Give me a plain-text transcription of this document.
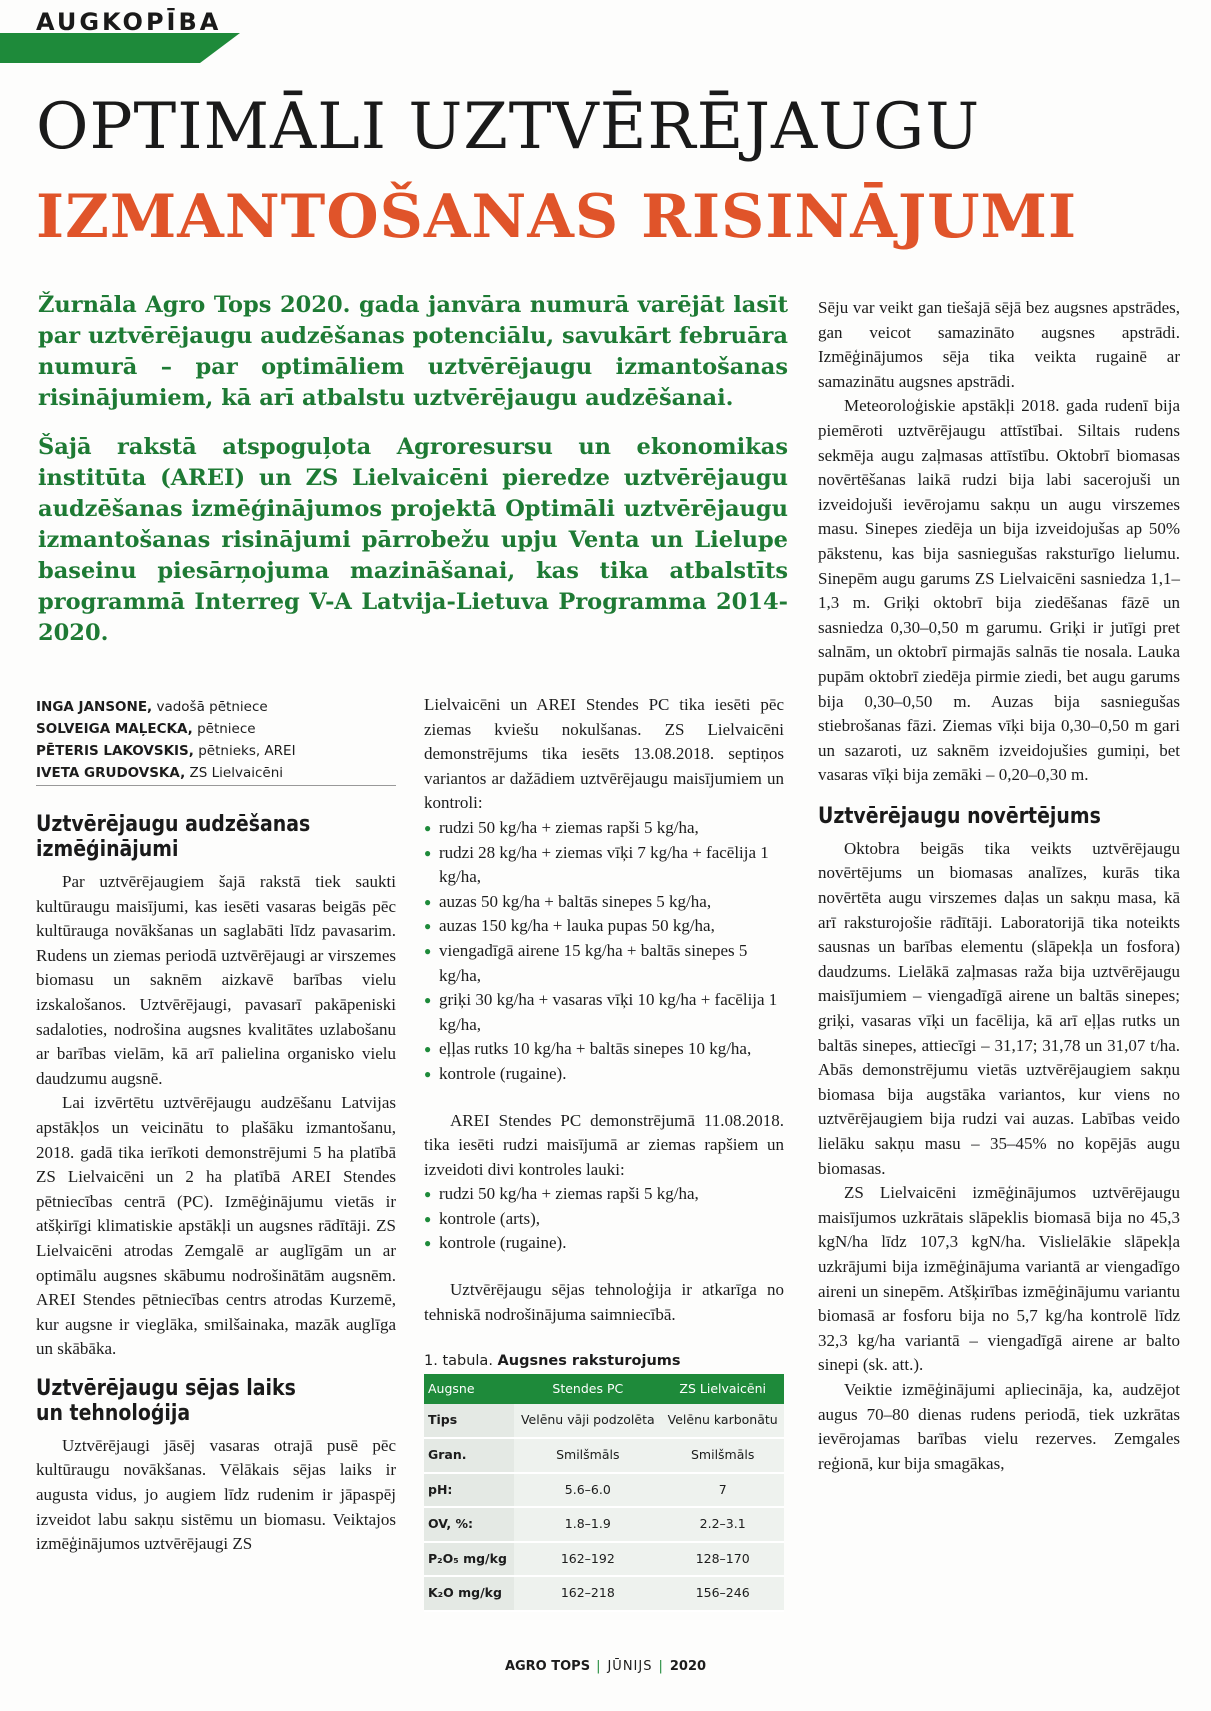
AUGKOPĪBA
OPTIMĀLI UZTVĒRĒJAUGU
IZMANTOŠANAS RISINĀJUMI

Žurnāla Agro Tops 2020. gada janvāra numurā varējāt lasīt par uztvērējaugu audzēšanas potenciālu, savukārt februāra numurā – par optimāliem uztvērējaugu izmantošanas risinājumiem, kā arī atbalstu uztvērējaugu audzēšanai.

Šajā rakstā atspoguļota Agroresursu un ekonomikas institūta (AREI) un ZS Lielvaicēni pieredze uztvērējaugu audzēšanas izmēģinājumos projektā Optimāli uztvērējaugu izmantošanas risinājumi pārrobežu upju Venta un Lielupe baseinu piesārņojuma mazināšanai, kas tika atbalstīts programmā Interreg V-A Latvija-Lietuva Programma 2014-2020.

INGA JANSONE, vadošā pētniece
SOLVEIGA MAĻECKA, pētniece
PĒTERIS LAKOVSKIS, pētnieks, AREI
IVETA GRUDOVSKA, ZS Lielvaicēni
Uztvērējaugu audzēšanas
izmēģinājumi

Par uztvērējaugiem šajā rakstā tiek saukti kultūraugu maisījumi, kas iesēti vasaras beigās pēc kultūrauga novākšanas un saglabāti līdz pavasarim. Rudens un ziemas periodā uztvērējaugi ar virszemes biomasu un saknēm aizkavē barības vielu izskalošanos. Uztvērējaugi, pavasarī pakāpeniski sadaloties, nodrošina augsnes kvalitātes uzlabošanu ar barības vielām, kā arī palielina organisko vielu daudzumu augsnē.

Lai izvērtētu uztvērējaugu audzēšanu Latvijas apstākļos un veicinātu to plašāku izmantošanu, 2018. gadā tika ierīkoti demonstrējumi 5 ha platībā ZS Lielvaicēni un 2 ha platībā AREI Stendes pētniecības centrā (PC). Izmēģinājumu vietās ir atšķirīgi klimatiskie apstākļi un augsnes rādītāji. ZS Lielvaicēni atrodas Zemgalē ar auglīgām un ar optimālu augsnes skābumu nodrošinātām augsnēm. AREI Stendes pētniecības centrs atrodas Kurzemē, kur augsne ir vieglāka, smilšainaka, mazāk auglīga un skābāka.

Uztvērējaugu sējas laiks
un tehnoloģija

Uztvērējaugi jāsēj vasaras otrajā pusē pēc kultūraugu novākšanas. Vēlākais sējas laiks ir augusta vidus, jo augiem līdz rudenim ir jāpaspēj izveidot labu sakņu sistēmu un biomasu. Veiktajos izmēģinājumos uztvērējaugi ZS

Lielvaicēni un AREI Stendes PC tika iesēti pēc ziemas kviešu nokulšanas. ZS Lielvaicēni demonstrējums tika iesēts 13.08.2018. septiņos variantos ar dažādiem uztvērējaugu maisījumiem un kontroli:

● rudzi 50 kg/ha + ziemas rapši 5 kg/ha,
● rudzi 28 kg/ha + ziemas vīķi 7 kg/ha + facēlija 1 kg/ha,
● auzas 50 kg/ha + baltās sinepes 5 kg/ha,
● auzas 150 kg/ha + lauka pupas 50 kg/ha,
● viengadīgā airene 15 kg/ha + baltās sinepes 5 kg/ha,
● griķi 30 kg/ha + vasaras vīķi 10 kg/ha + facēlija 1 kg/ha,
● eļļas rutks 10 kg/ha + baltās sinepes 10 kg/ha,
● kontrole (rugaine).

AREI Stendes PC demonstrējumā 11.08.2018. tika iesēti rudzi maisījumā ar ziemas rapšiem un izveidoti divi kontroles lauki:

● rudzi 50 kg/ha + ziemas rapši 5 kg/ha,
● kontrole (arts),
● kontrole (rugaine).

Uztvērējaugu sējas tehnoloģija ir atkarīga no tehniskā nodrošinājuma saimniecībā.

1. tabula. Augsnes raksturojums

Augsne	Stendes PC	ZS Lielvaicēni
Tips	Velēnu vāji podzolēta	Velēnu karbonātu
Gran.	Smilšmāls	Smilšmāls
pH:	5.6–6.0	7
OV, %:	1.8–1.9	2.2–3.1
P₂O₅ mg/kg	162–192	128–170
K₂O mg/kg	162–218	156–246

Sēju var veikt gan tiešajā sējā bez augsnes apstrādes, gan veicot samazināto augsnes apstrādi. Izmēģinājumos sēja tika veikta rugainē ar samazinātu augsnes apstrādi.

Meteoroloģiskie apstākļi 2018. gada rudenī bija piemēroti uztvērējaugu attīstībai. Siltais rudens sekmēja augu zaļmasas attīstību. Oktobrī biomasas novērtēšanas laikā rudzi bija labi sacerojuši un izveidojuši ievērojamu sakņu un augu virszemes masu. Sinepes ziedēja un bija izveidojušas ap 50% pākstenu, kas bija sasniegušas raksturīgo lielumu. Sinepēm augu garums ZS Lielvaicēni sasniedza 1,1–1,3 m. Griķi oktobrī bija ziedēšanas fāzē un sasniedza 0,30–0,50 m garumu. Griķi ir jutīgi pret salnām, un oktobrī pirmajās salnās tie nosala. Lauka pupām oktobrī ziedēja pirmie ziedi, bet augu garums bija 0,30–0,50 m. Auzas bija sasniegušas stiebrošanas fāzi. Ziemas vīķi bija 0,30–0,50 m gari un sazaroti, uz saknēm izveidojušies gumiņi, bet vasaras vīķi bija zemāki – 0,20–0,30 m.

Uztvērējaugu novērtējums

Oktobra beigās tika veikts uztvērējaugu novērtējums un biomasas analīzes, kurās tika novērtēta augu virszemes daļas un sakņu masa, kā arī raksturojošie rādītāji. Laboratorijā tika noteikts sausnas un barības elementu (slāpekļa un fosfora) daudzums. Lielākā zaļmasas raža bija uztvērējaugu maisījumiem – viengadīgā airene un baltās sinepes; griķi, vasaras vīķi un facēlija, kā arī eļļas rutks un baltās sinepes, attiecīgi – 31,17; 31,78 un 31,07 t/ha. Abās demonstrējumu vietās uztvērējaugiem sakņu biomasa bija augstāka variantos, kur viens no uztvērējaugiem bija rudzi vai auzas. Labības veido lielāku sakņu masu – 35–45% no kopējās augu biomasas.

ZS Lielvaicēni izmēģinājumos uztvērējaugu maisījumos uzkrātais slāpeklis biomasā bija no 45,3 kgN/ha līdz 107,3 kgN/ha. Vislielākie slāpekļa uzkrājumi bija izmēģinājuma variantā ar viengadīgo aireni un sinepēm. Atšķirības izmēģinājumu variantu biomasā ar fosforu bija no 5,7 kg/ha kontrolē līdz 32,3 kg/ha variantā – viengadīgā airene ar balto sinepi (sk. att.).

Veiktie izmēģinājumi apliecināja, ka, audzējot augus 70–80 dienas rudens periodā, tiek uzkrātas ievērojamas barības vielu rezerves. Zemgales reģionā, kur bija smagākas,

AGRO TOPS | JŪNIJS | 2020
